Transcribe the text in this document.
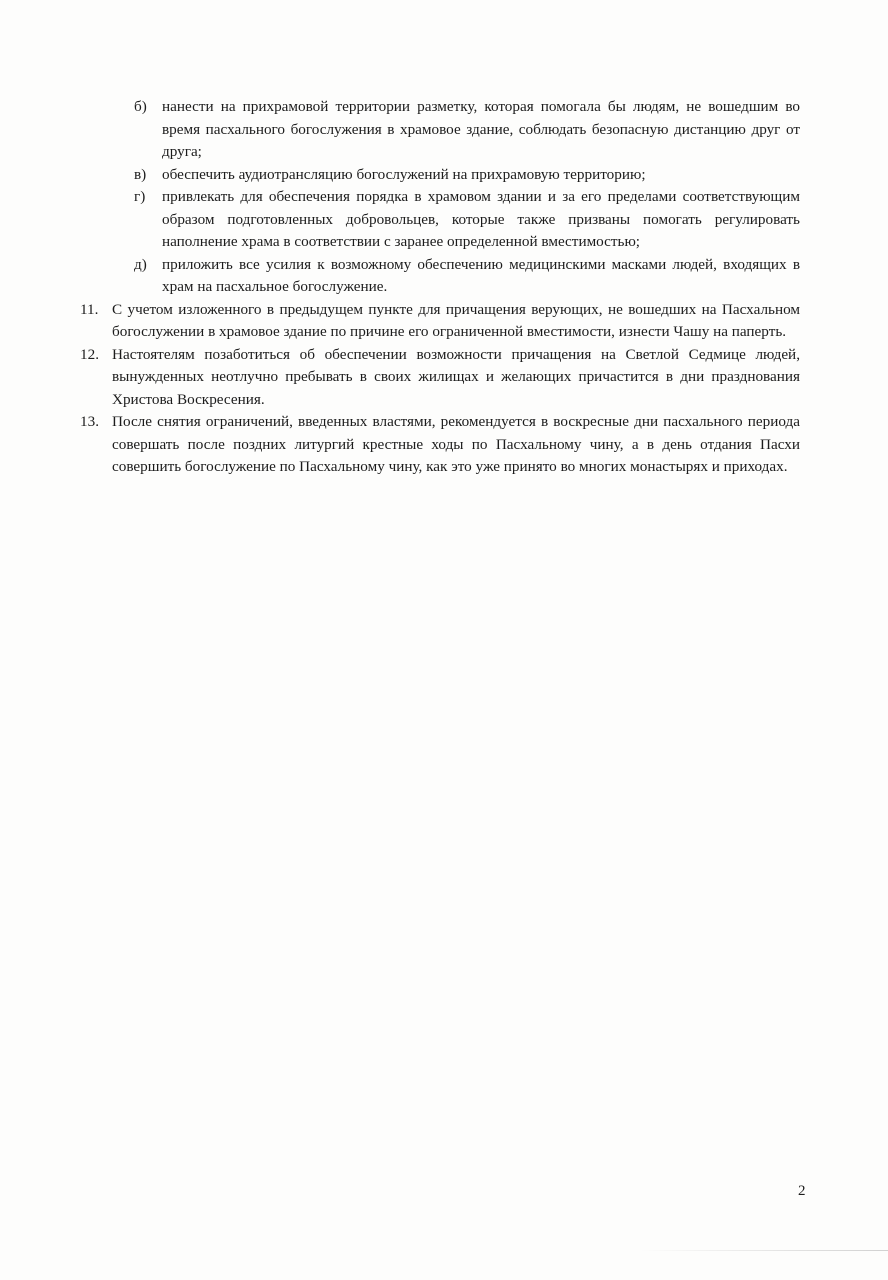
б)	нанести на прихрамовой территории разметку, которая помогала бы людям, не вошедшим во время пасхального богослужения в храмовое здание, соблюдать безопасную дистанцию друг от друга;
в)	обеспечить аудиотрансляцию богослужений на прихрамовую территорию;
г)	привлекать для обеспечения порядка в храмовом здании и за его пределами соответствующим образом подготовленных добровольцев, которые также призваны помогать регулировать наполнение храма в соответствии с заранее определенной вместимостью;
д)	приложить все усилия к возможному обеспечению медицинскими масками людей, входящих в храм на пасхальное богослужение.
11. С учетом изложенного в предыдущем пункте для причащения верующих, не вошедших на Пасхальном богослужении в храмовое здание по причине его ограниченной вместимости, изнести Чашу на паперть.
12. Настоятелям позаботиться об обеспечении возможности причащения на Светлой Седмице людей, вынужденных неотлучно пребывать в своих жилищах и желающих причастится в дни празднования Христова Воскресения.
13. После снятия ограничений, введенных властями, рекомендуется в воскресные дни пасхального периода совершать после поздних литургий крестные ходы по Пасхальному чину, а в день отдания Пасхи совершить богослужение по Пасхальному чину, как это уже принято во многих монастырях и приходах.
2
